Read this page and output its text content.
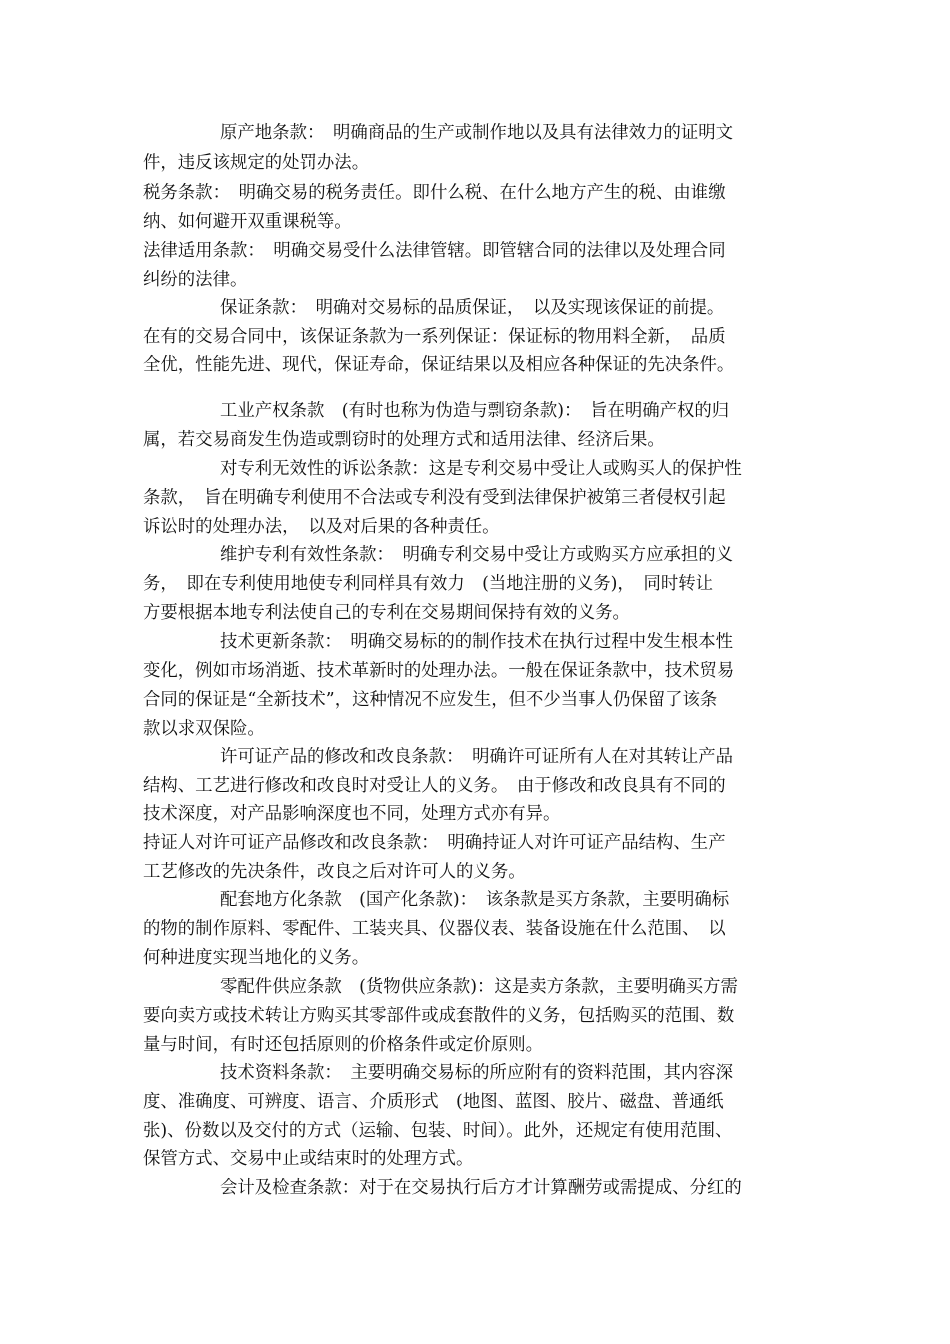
原产地条款：　明确商品的生产或制作地以及具有法律效力的证明文
件，违反该规定的处罚办法。
税务条款：　明确交易的税务责任。即什么税、在什么地方产生的税、由谁缴
纳、如何避开双重课税等。
法律适用条款：　明确交易受什么法律管辖。即管辖合同的法律以及处理合同
纠纷的法律。
保证条款：　明确对交易标的品质保证，　以及实现该保证的前提。
在有的交易合同中，该保证条款为一系列保证：保证标的物用料全新，　品质
全优，性能先进、现代，保证寿命，保证结果以及相应各种保证的先决条件。
工业产权条款　(有时也称为伪造与剽窃条款)：　旨在明确产权的归
属，若交易商发生伪造或剽窃时的处理方式和适用法律、经济后果。
对专利无效性的诉讼条款：这是专利交易中受让人或购买人的保护性
条款，　旨在明确专利使用不合法或专利没有受到法律保护被第三者侵权引起
诉讼时的处理办法，　以及对后果的各种责任。
维护专利有效性条款：　明确专利交易中受让方或购买方应承担的义
务，　即在专利使用地使专利同样具有效力　(当地注册的义务)，　同时转让
方要根据本地专利法使自己的专利在交易期间保持有效的义务。
技术更新条款：　明确交易标的的制作技术在执行过程中发生根本性
变化，例如市场消逝、技术革新时的处理办法。一般在保证条款中，技术贸易
合同的保证是“全新技术”，这种情况不应发生，但不少当事人仍保留了该条
款以求双保险。
许可证产品的修改和改良条款：　明确许可证所有人在对其转让产品
结构、工艺进行修改和改良时对受让人的义务。　由于修改和改良具有不同的
技术深度，对产品影响深度也不同，处理方式亦有异。
持证人对许可证产品修改和改良条款：　明确持证人对许可证产品结构、生产
工艺修改的先决条件，改良之后对许可人的义务。
配套地方化条款　(国产化条款)：　该条款是买方条款，主要明确标
的物的制作原料、零配件、工装夹具、仪器仪表、装备设施在什么范围、　以
何种进度实现当地化的义务。
零配件供应条款　(货物供应条款)：这是卖方条款，主要明确买方需
要向卖方或技术转让方购买其零部件或成套散件的义务，包括购买的范围、数
量与时间，有时还包括原则的价格条件或定价原则。
技术资料条款：　主要明确交易标的所应附有的资料范围，其内容深
度、准确度、可辨度、语言、介质形式　(地图、蓝图、胶片、磁盘、普通纸
张)、份数以及交付的方式（运输、包装、时间）。此外，还规定有使用范围、
保管方式、交易中止或结束时的处理方式。
会计及检查条款：对于在交易执行后方才计算酬劳或需提成、分红的
